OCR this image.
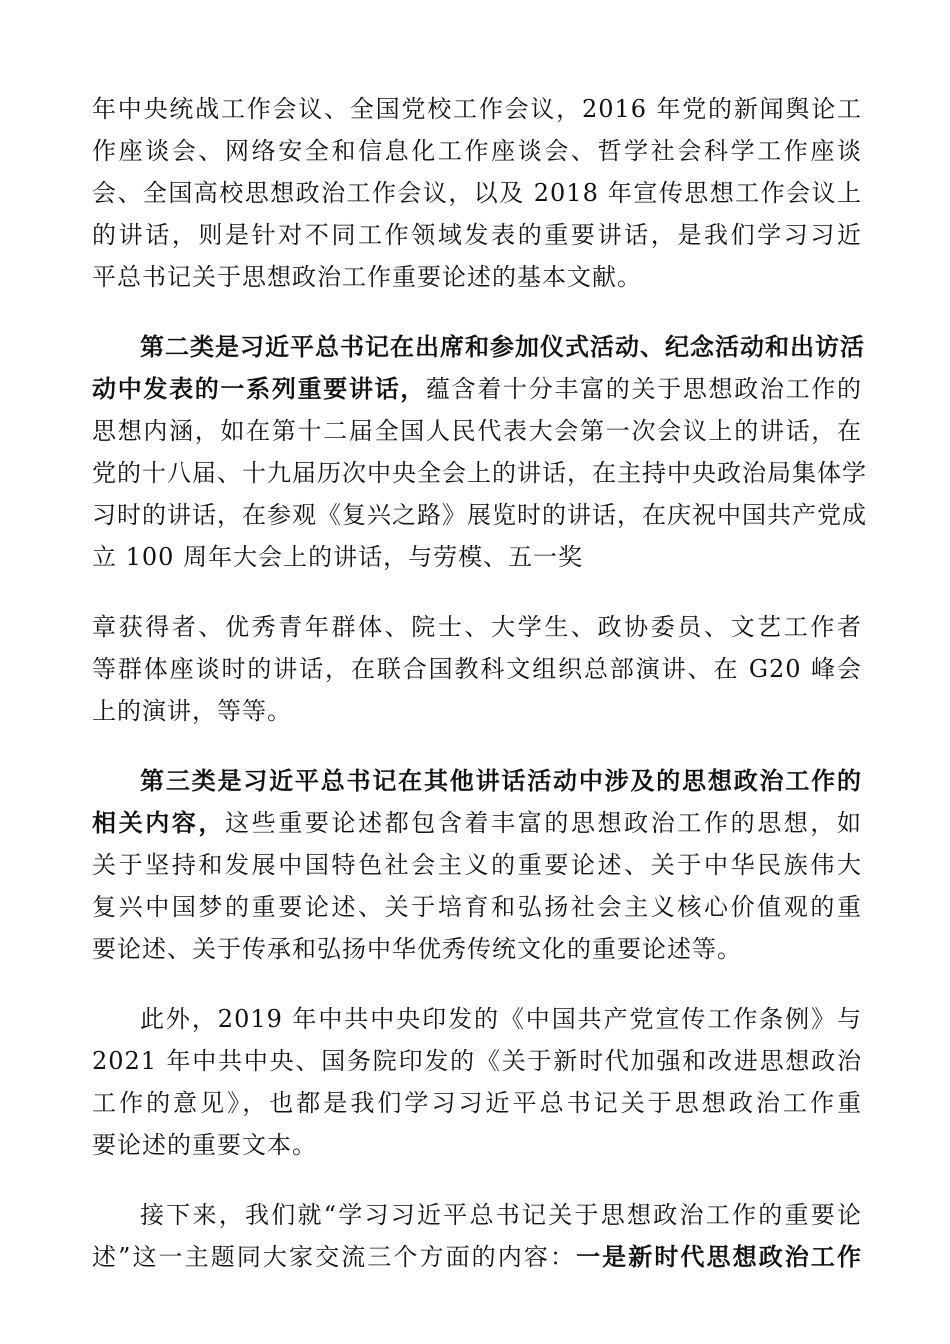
年中央统战工作会议、全国党校工作会议，2016 年党的新闻舆论工
作座谈会、网络安全和信息化工作座谈会、哲学社会科学工作座谈
会、全国高校思想政治工作会议，以及 2018 年宣传思想工作会议上
的讲话，则是针对不同工作领域发表的重要讲话，是我们学习习近
平总书记关于思想政治工作重要论述的基本文献。
第二类是习近平总书记在出席和参加仪式活动、纪念活动和出访活
动中发表的一系列重要讲话，蕴含着十分丰富的关于思想政治工作的
思想内涵，如在第十二届全国人民代表大会第一次会议上的讲话，在
党的十八届、十九届历次中央全会上的讲话，在主持中央政治局集体学
习时的讲话，在参观《复兴之路》展览时的讲话，在庆祝中国共产党成
立 100 周年大会上的讲话，与劳模、五一奖
章获得者、优秀青年群体、院士、大学生、政协委员、文艺工作者
等群体座谈时的讲话，在联合国教科文组织总部演讲、在 G20 峰会
上的演讲，等等。
第三类是习近平总书记在其他讲话活动中涉及的思想政治工作的
相关内容，这些重要论述都包含着丰富的思想政治工作的思想，如
关于坚持和发展中国特色社会主义的重要论述、关于中华民族伟大
复兴中国梦的重要论述、关于培育和弘扬社会主义核心价值观的重
要论述、关于传承和弘扬中华优秀传统文化的重要论述等。
此外，2019 年中共中央印发的《中国共产党宣传工作条例》与
2021 年中共中央、国务院印发的《关于新时代加强和改进思想政治
工作的意见》，也都是我们学习习近平总书记关于思想政治工作重
要论述的重要文本。
接下来，我们就“学习习近平总书记关于思想政治工作的重要论
述”这一主题同大家交流三个方面的内容：一是新时代思想政治工作
